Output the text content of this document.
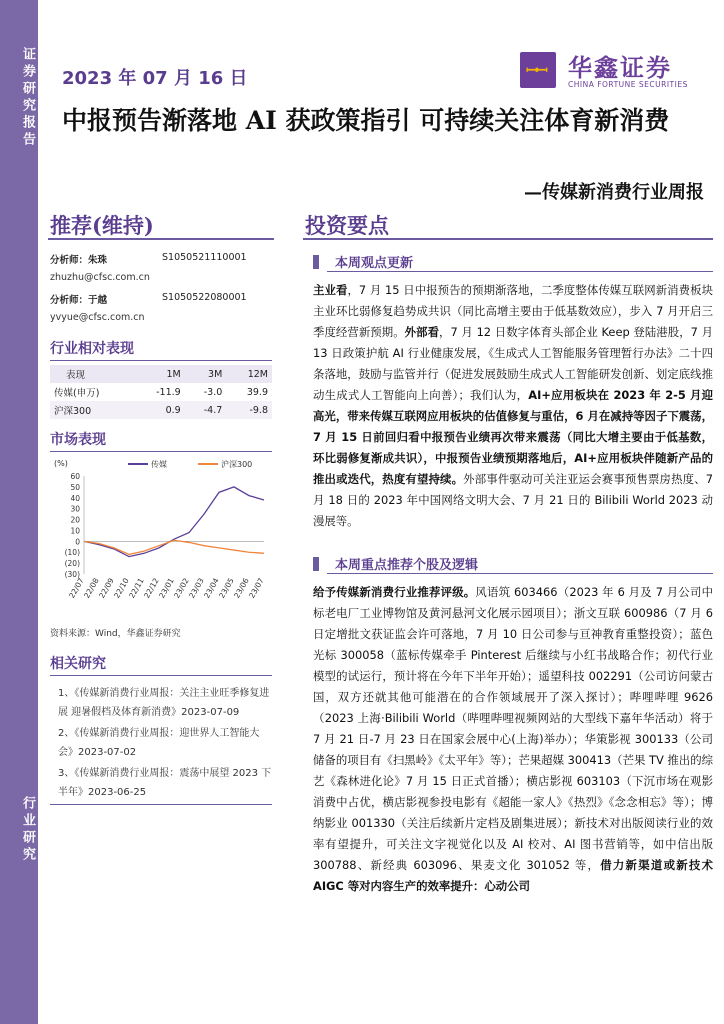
证券研究报告
行业研究
2023 年 07 月 16 日	ꟷꟷ 华鑫证券
CHINA FORTUNE SECURITIES
中报预告渐落地 AI 获政策指引 可持续关注体育新消费
—传媒新消费行业周报
推荐(维持)	投资要点
分析师：朱珠	S1050521110001
zhuzhu@cfsc.com.cn
分析师：于越	S1050522080001
yvyue@cfsc.com.cn
行业相对表现
表现	1M	3M	12M
传媒(申万)	-11.9	-3.0	39.9
沪深300	0.9	-4.7	-9.8
市场表现
(%)
60
50
40
30
20
10
0
(10)
(20)
(30)
22/07
22/08
22/09
22/10
22/11
22/12
23/01
23/02
23/03
23/04
23/05
23/06
23/07
传媒	沪深300
资料来源：Wind，华鑫证券研究
相关研究
1、《传媒新消费行业周报：关注主业旺季修复进展 迎暑假档及体育新消费》2023-07-09
2、《传媒新消费行业周报：迎世界人工智能大会》2023-07-02
3、《传媒新消费行业周报：震荡中展望 2023 下半年》2023-06-25
本周观点更新
主业看，7 月 15 日中报预告的预期渐落地，二季度整体传媒互联网新消费板块主业环比弱修复趋势成共识（同比高增主要由于低基数效应），步入 7 月开启三季度经营新预期。外部看，7 月 12 日数字体育头部企业 Keep 登陆港股，7 月 13 日政策护航 AI 行业健康发展，《生成式人工智能服务管理暂行办法》二十四条落地，鼓励与监管并行（促进发展鼓励生成式人工智能研发创新、划定底线推动生成式人工智能向上向善）；我们认为，AI+应用板块在 2023 年 2-5 月迎高光，带来传媒互联网应用板块的估值修复与重估，6 月在减持等因子下震荡，7 月 15 日前回归看中报预告业绩再次带来震荡（同比大增主要由于低基数，环比弱修复渐成共识），中报预告业绩预期落地后，AI+应用板块伴随新产品的推出或迭代，热度有望持续。外部事件驱动可关注亚运会赛事预售票房热度、7 月 18 日的 2023 年中国网络文明大会、7 月 21 日的 Bilibili World 2023 动漫展等。
本周重点推荐个股及逻辑
给予传媒新消费行业推荐评级。风语筑 603466（2023 年 6 月及 7 月公司中标老电厂工业博物馆及黄河悬河文化展示园项目）；浙文互联 600986（7 月 6 日定增批文获证监会许可落地，7 月 10 日公司参与亘神教育重整投资）；蓝色光标 300058（蓝标传媒牵手 Pinterest 后继续与小红书战略合作；初代行业模型的试运行，预计将在今年下半年开始）；遥望科技 002291（公司访问蒙古国，双方还就其他可能潜在的合作领域展开了深入探讨）；哔哩哔哩 9626（2023 上海·Bilibili World（哔哩哔哩视频网站的大型线下嘉年华活动）将于 7 月 21 日-7 月 23 日在国家会展中心(上海)举办）；华策影视 300133（公司储备的项目有《扫黑岭》《太平年》等）；芒果超媒 300413（芒果 TV 推出的综艺《森林进化论》7 月 15 日正式首播）；横店影视 603103（下沉市场在观影消费中占优，横店影视参投电影有《超能一家人》《热烈》《念念相忘》等）；博纳影业 001330（关注后续新片定档及剧集进展）；新技术对出版阅读行业的效率有望提升，可关注文字视觉化以及 AI 校对、AI 图书营销等，如中信出版 300788、新经典 603096、果麦文化 301052 等，借力新渠道或新技术 AIGC 等对内容生产的效率提升：心动公司
